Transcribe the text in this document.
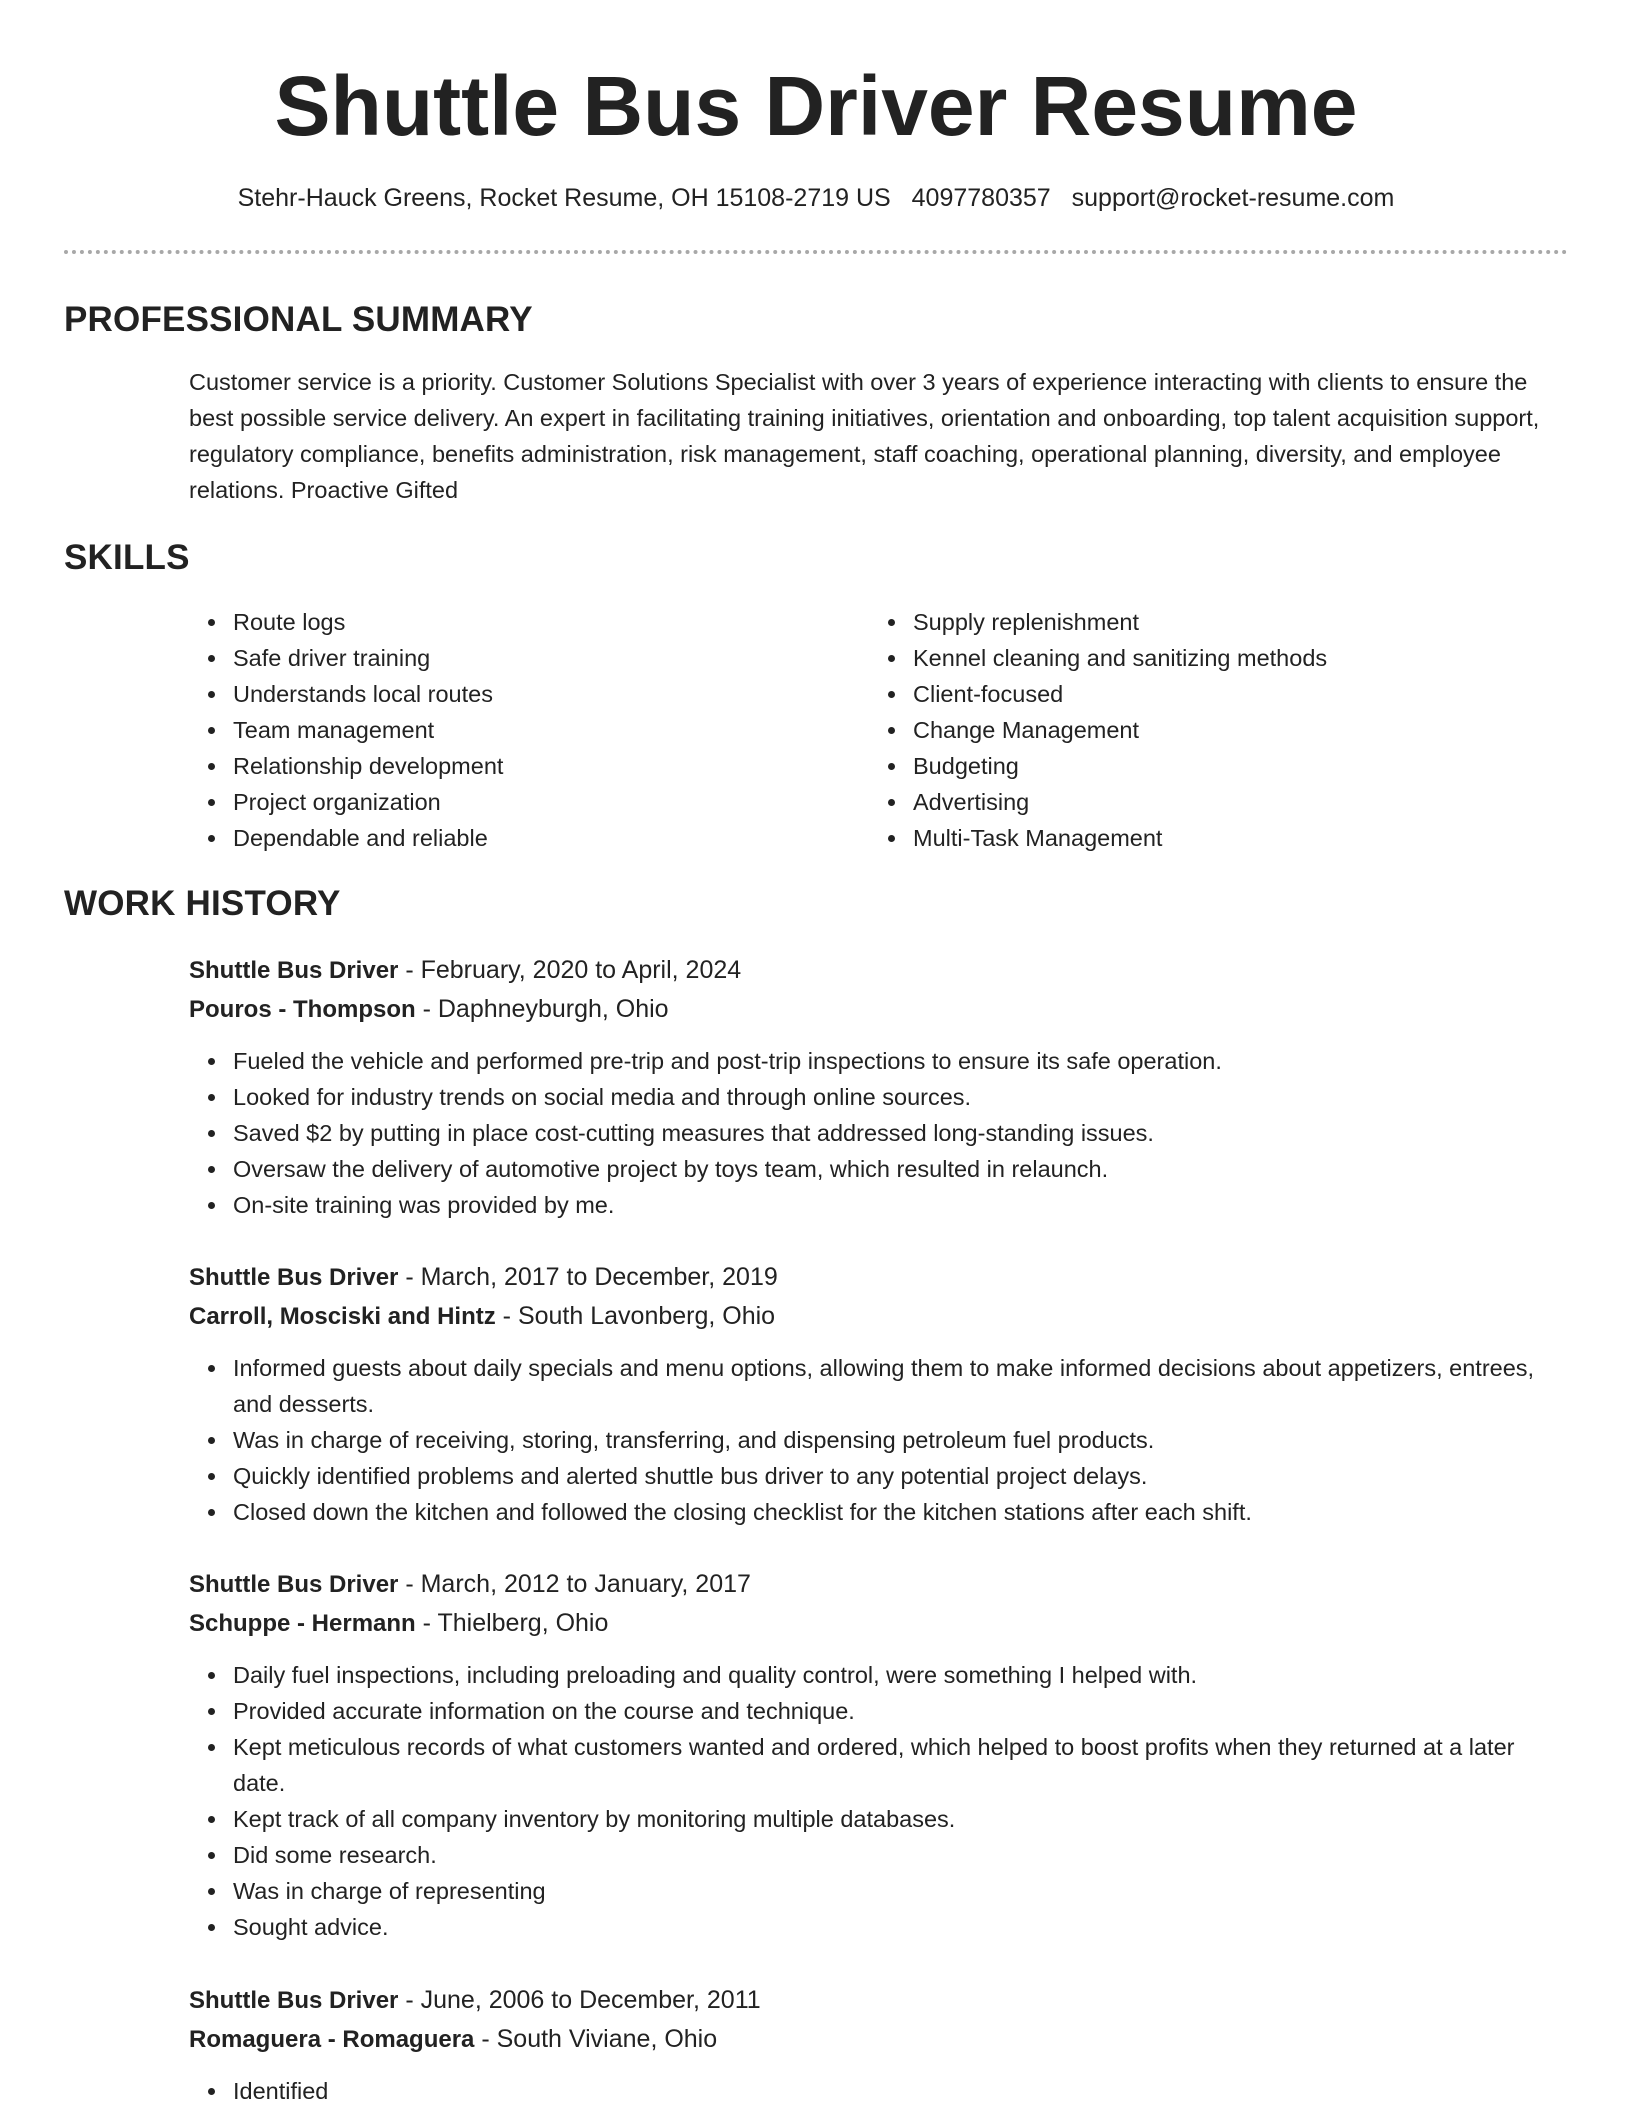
Shuttle Bus Driver Resume
Stehr-Hauck Greens, Rocket Resume, OH 15108-2719 US 4097780357 support@rocket-resume.com
PROFESSIONAL SUMMARY

Customer service is a priority. Customer Solutions Specialist with over 3 years of experience interacting with clients to ensure the best possible service delivery. An expert in facilitating training initiatives, orientation and onboarding, top talent acquisition support, regulatory compliance, benefits administration, risk management, staff coaching, operational planning, diversity, and employee relations. Proactive Gifted

SKILLS
Route logs
Safe driver training
Understands local routes
Team management
Relationship development
Project organization
Dependable and reliable
Supply replenishment
Kennel cleaning and sanitizing methods
Client-focused
Change Management
Budgeting
Advertising
Multi-Task Management
WORK HISTORY
Shuttle Bus Driver - February, 2020 to April, 2024
Pouros - Thompson - Daphneyburgh, Ohio
Fueled the vehicle and performed pre-trip and post-trip inspections to ensure its safe operation.
Looked for industry trends on social media and through online sources.
Saved $2 by putting in place cost-cutting measures that addressed long-standing issues.
Oversaw the delivery of automotive project by toys team, which resulted in relaunch.
On-site training was provided by me.
Shuttle Bus Driver - March, 2017 to December, 2019
Carroll, Mosciski and Hintz - South Lavonberg, Ohio
Informed guests about daily specials and menu options, allowing them to make informed decisions about appetizers, entrees, and desserts.
Was in charge of receiving, storing, transferring, and dispensing petroleum fuel products.
Quickly identified problems and alerted shuttle bus driver to any potential project delays.
Closed down the kitchen and followed the closing checklist for the kitchen stations after each shift.
Shuttle Bus Driver - March, 2012 to January, 2017
Schuppe - Hermann - Thielberg, Ohio
Daily fuel inspections, including preloading and quality control, were something I helped with.
Provided accurate information on the course and technique.
Kept meticulous records of what customers wanted and ordered, which helped to boost profits when they returned at a later date.
Kept track of all company inventory by monitoring multiple databases.
Did some research.
Was in charge of representing
Sought advice.
Shuttle Bus Driver - June, 2006 to December, 2011
Romaguera - Romaguera - South Viviane, Ohio
Identified
